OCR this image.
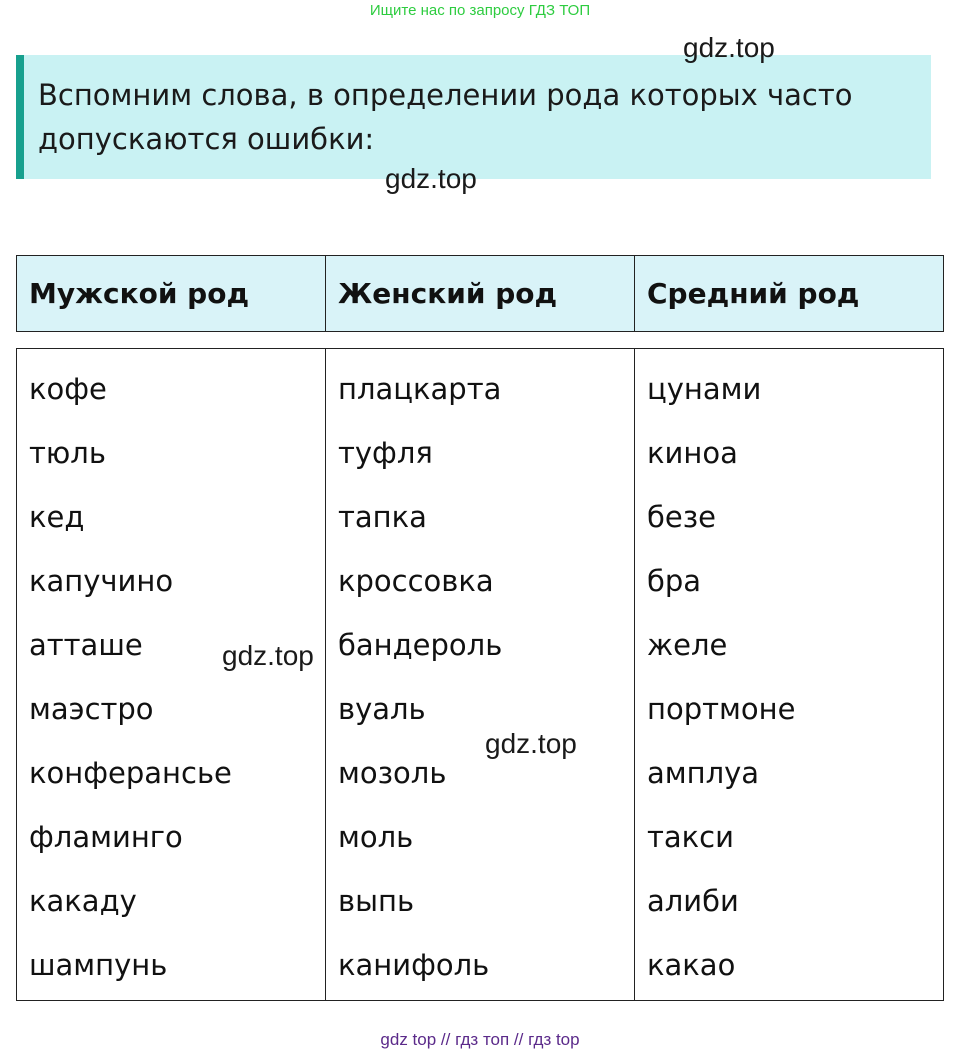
Ищите нас по запросу ГДЗ ТОП
Вспомним слова, в определении рода которых часто допускаются ошибки:
gdz.top
gdz.top
Мужской род	Женский род	Средний род
кофе
тюль
кед
капучино
атташе
маэстро
конферансье
фламинго
какаду
шампунь
плацкарта
туфля
тапка
кроссовка
бандероль
вуаль
мозоль
моль
выпь
канифоль
цунами
киноа
безе
бра
желе
портмоне
амплуа
такси
алиби
какао
gdz.top
gdz.top
gdz top // гдз топ // гдз top
